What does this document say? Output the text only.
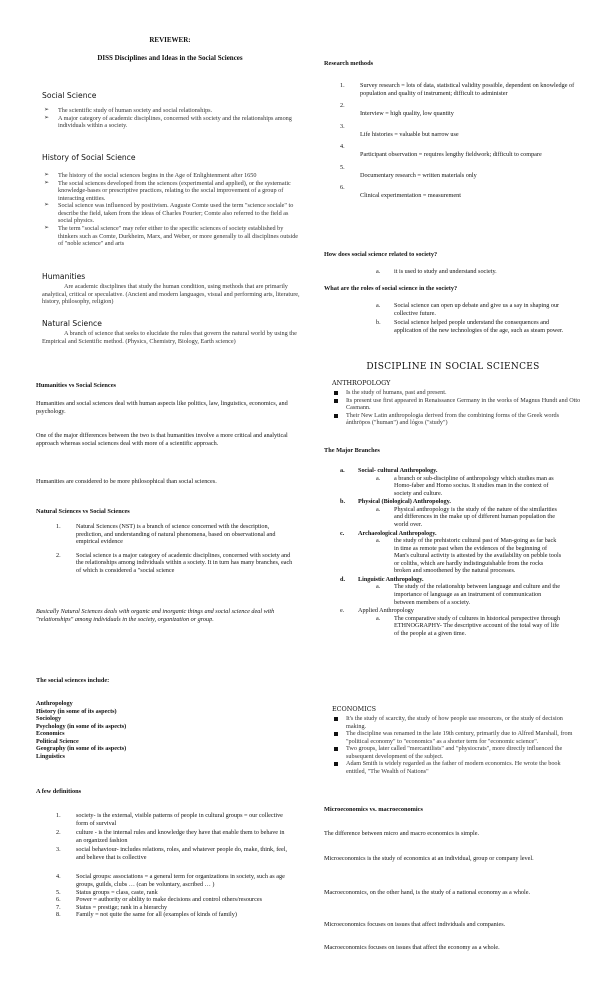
REVIEWER:
DISS Disciplines and Ideas in the Social Sciences
Social Science
➢ The scientific study of human society and social relationships.
➢ A major category of academic disciplines, concerned with society and the relationships among individuals within a society.
History of Social Science
➢ The history of the social sciences begins in the Age of Enlightenment after 1650
➢ The social sciences developed from the sciences (experimental and applied), or the systematic knowledge-bases or prescriptive practices, relating to the social improvement of a group of interacting entities.
➢ Social science was influenced by positivism. Auguste Comte used the term "science sociale" to describe the field, taken from the ideas of Charles Fourier; Comte also referred to the field as social physics.
➢ The term "social science" may refer either to the specific sciences of society established by thinkers such as Comte, Durkheim, Marx, and Weber, or more generally to all disciplines outside of "noble science" and arts
Humanities
Are academic disciplines that study the human condition, using methods that are primarily analytical, critical or speculative. (Ancient and modern languages, visual and performing arts, literature, history, philosophy, religion)
Natural Science
A branch of science that seeks to elucidate the rules that govern the natural world by using the Empirical and Scientific method. (Physics, Chemistry, Biology, Earth science)
Humanities vs Social Sciences
Humanities and social sciences deal with human aspects like politics, law, linguistics, economics, and psychology.
One of the major differences between the two is that humanities involve a more critical and analytical approach whereas social sciences deal with more of a scientific approach.
Humanities are considered to be more philosophical than social sciences.
Natural Sciences vs Social Sciences
1. Natural Sciences (NST) is a branch of science concerned with the description, prediction, and understanding of natural phenomena, based on observational and empirical evidence
2. Social science is a major category of academic disciplines, concerned with society and the relationships among individuals within a society. It in turn has many branches, each of which is considered a "social science
Basically Natural Sciences deals with organic and inorganic things and social science deal with "relationships" among individuals in the society, organization or group.
The social sciences include:
Anthropology
History (in some of its aspects)
Sociology
Psychology (in some of its aspects)
Economics
Political Science
Geography (in some of its aspects)
Linguistics
A few definitions
1. society- is the external, visible patterns of people in cultural groups = our collective form of survival
2. culture - is the internal rules and knowledge they have that enable them to behave in an organized fashion
3. social behaviour- includes relations, roles, and whatever people do, make, think, feel, and believe that is collective
4. Social groups: associations = a general term for organizations in society, such as age groups, guilds, clubs … (can be voluntary, ascribed … )
5. Status groups = class, caste, rank
6. Power = authority or ability to make decisions and control others/resources
7. Status = prestige; rank in a hierarchy
8. Family = not quite the same for all (examples of kinds of family)
Research methods
1. Survey research = lots of data, statistical validity possible, dependent on knowledge of population and quality of instrument; difficult to administer
2.
Interview = high quality, low quantity
3.
Life histories = valuable but narrow use
4.
Participant observation = requires lengthy fieldwork; difficult to compare
5.
Documentary research = written materials only
6.
Clinical experimentation = measurement
How does social science related to society?
a. it is used to study and understand society.
What are the roles of social science in the society?
a. Social science can open up debate and give us a say in shaping our collective future.
b. Social science helped people understand the consequences and application of the new technologies of the age, such as steam power.
DISCIPLINE IN SOCIAL SCIENCES
ANTHROPOLOGY
Is the study of humans, past and present.
Its present use first appeared in Renaissance Germany in the works of Magnus Hundt and Otto Casmann.
Their New Latin anthropologia derived from the combining forms of the Greek words ánthrōpos ("human") and lógos ("study")
The Major Branches
a. Social- cultural Anthropology.
a. a branch or sub-discipline of anthropology which studies man as Homo-faber and Homo socius. It studies man in the context of society and culture.
b. Physical (Biological) Anthropology.
a. Physical anthropology is the study of the nature of the similarities and differences in the make up of different human population the world over.
c. Archaeological Anthropology.
a. the study of the prehistoric cultural past of Man-going as far back in time as remote past when the evidences of the beginning of Man's cultural activity is attested by the availability on pebble tools or coliths, which are hardly indistinguishable from the rocks broken and smoothened by the natural processes.
d. Linguistic Anthropology.
a. The study of the relationship between language and culture and the importance of language as an instrument of communication between members of a society.
e. Applied Anthropology
a. The comparative study of cultures in historical perspective through ETHNOGRAPHY- The descriptive account of the total way of life of the people at a given time.
ECONOMICS
It's the study of scarcity, the study of how people use resources, or the study of decision making.
The discipline was renamed in the late 19th century, primarily due to Alfred Marshall, from "political economy" to "economics" as a shorter term for "economic science".
Two groups, later called "mercantilists" and "physiocrats", more directly influenced the subsequent development of the subject.
Adam Smith is widely regarded as the father of modern economics. He wrote the book entitled, "The Wealth of Nations"
Microeconomics vs. macroeconomics
The difference between micro and macro economics is simple.
Microeconomics is the study of economics at an individual, group or company level.
Macroeconomics, on the other hand, is the study of a national economy as a whole.
Microeconomics focuses on issues that affect individuals and companies.
Macroeconomics focuses on issues that affect the economy as a whole.
